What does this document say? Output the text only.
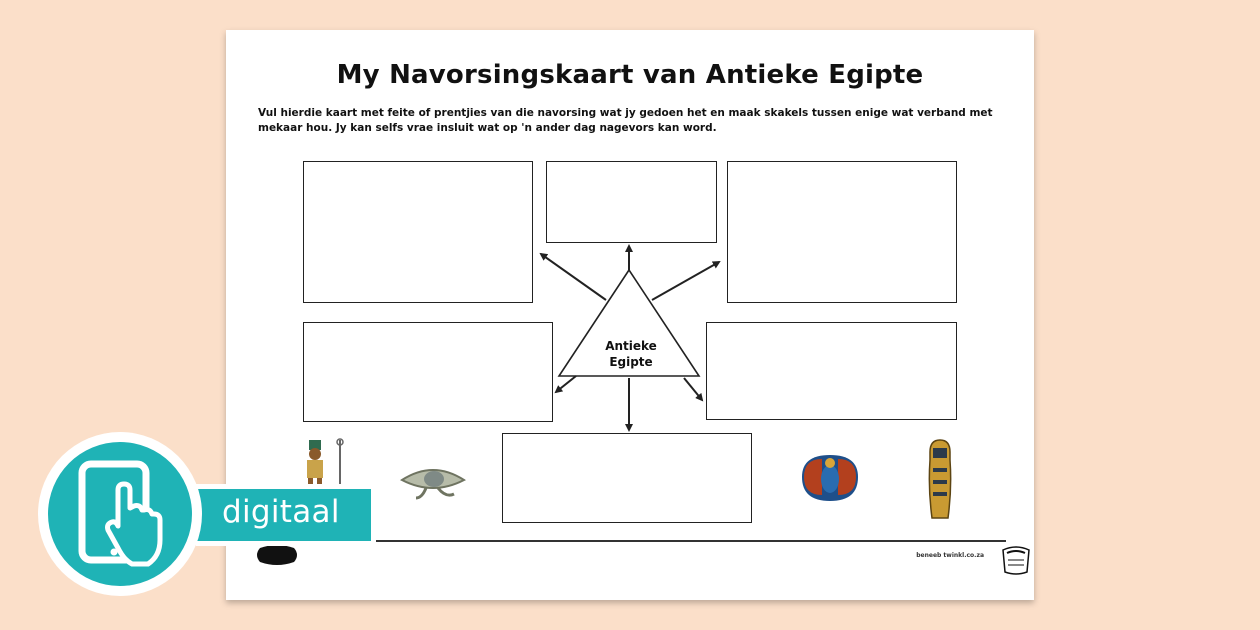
My Navorsingskaart van Antieke Egipte
Vul hierdie kaart met feite of prentjies van die navorsing wat jy gedoen het en maak skakels tussen enige wat verband met mekaar hou. Jy kan selfs vrae insluit wat op 'n ander dag nagevors kan word.
Antieke
Egipte
beneeb twinkl.co.za
digitaal
